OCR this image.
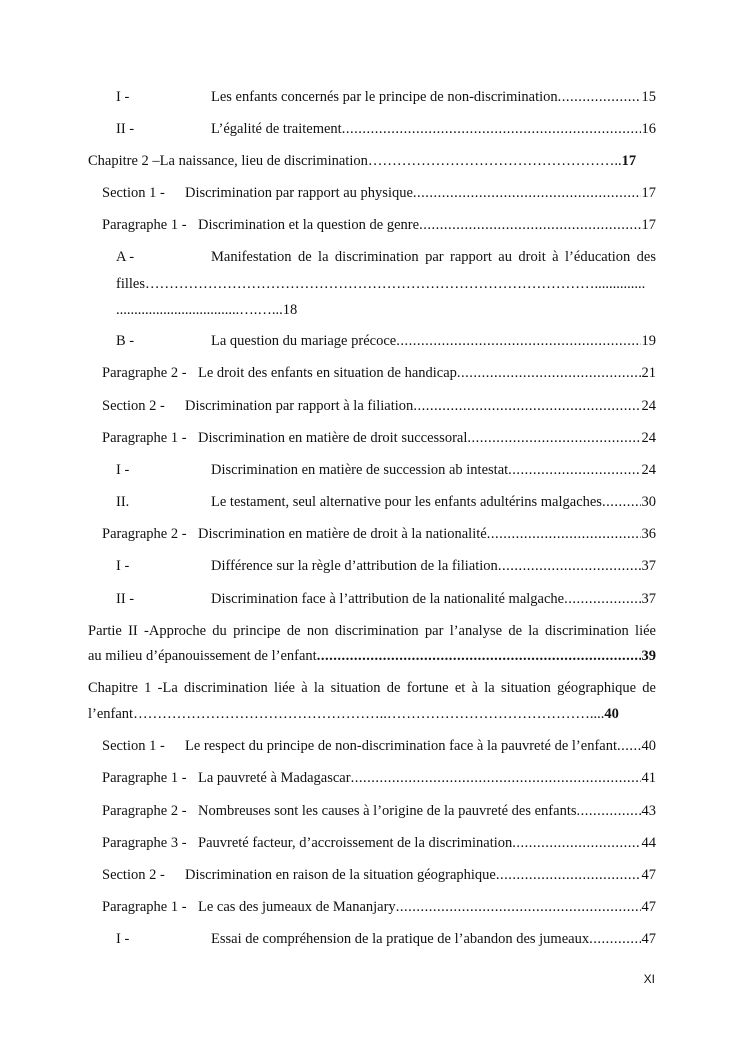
I -	Les enfants concernés par le principe de non-discrimination .....	15
II -	L’égalité de traitement .....	16
Chapitre 2 –La naissance, lieu de discrimination……………………………………………..17
Section 1 -	Discrimination par rapport au physique .....	17
Paragraphe 1 - Discrimination et la question de genre .....	17
A -	Manifestation de la discrimination par rapport au droit à l’éducation des
filles…………………………………………………………………………………..............
..................................….…...18
B -	La question du mariage précoce .....	19
Paragraphe 2 - Le droit des enfants en situation de handicap .....	21
Section 2 -	Discrimination par rapport à la filiation .....	24
Paragraphe 1 - Discrimination en matière de droit successoral .....	24
I -	Discrimination en matière de succession ab intestat .....	24
II.	Le testament, seul alternative pour les enfants adultérins malgaches .....	30
Paragraphe 2 - Discrimination en matière de droit à la nationalité .....	36
I -	Différence sur la règle d’attribution de la filiation .....	37
II -	Discrimination face à l’attribution de la nationalité malgache .....	37
Partie II -Approche du principe de non discrimination par l’analyse de la discrimination liée
au milieu d’épanouissement de l’enfant .....	39
Chapitre 1 -La discrimination liée à la situation de fortune et à la situation géographique de
l’enfant……………………………………………..……………………………………....40
Section 1 -	Le respect du principe de non-discrimination face à la pauvreté de l’enfant ..... 40
Paragraphe 1 - La pauvreté à Madagascar .....	41
Paragraphe 2 - Nombreuses sont les causes à l’origine de la pauvreté des enfants .....	43
Paragraphe 3 - Pauvreté facteur, d’accroissement de la discrimination .....	44
Section 2 -	Discrimination en raison de la situation géographique .....	47
Paragraphe 1 - Le cas des jumeaux de Mananjary .....	47
I -	Essai de compréhension de la pratique de l’abandon des jumeaux .....	47
XI
